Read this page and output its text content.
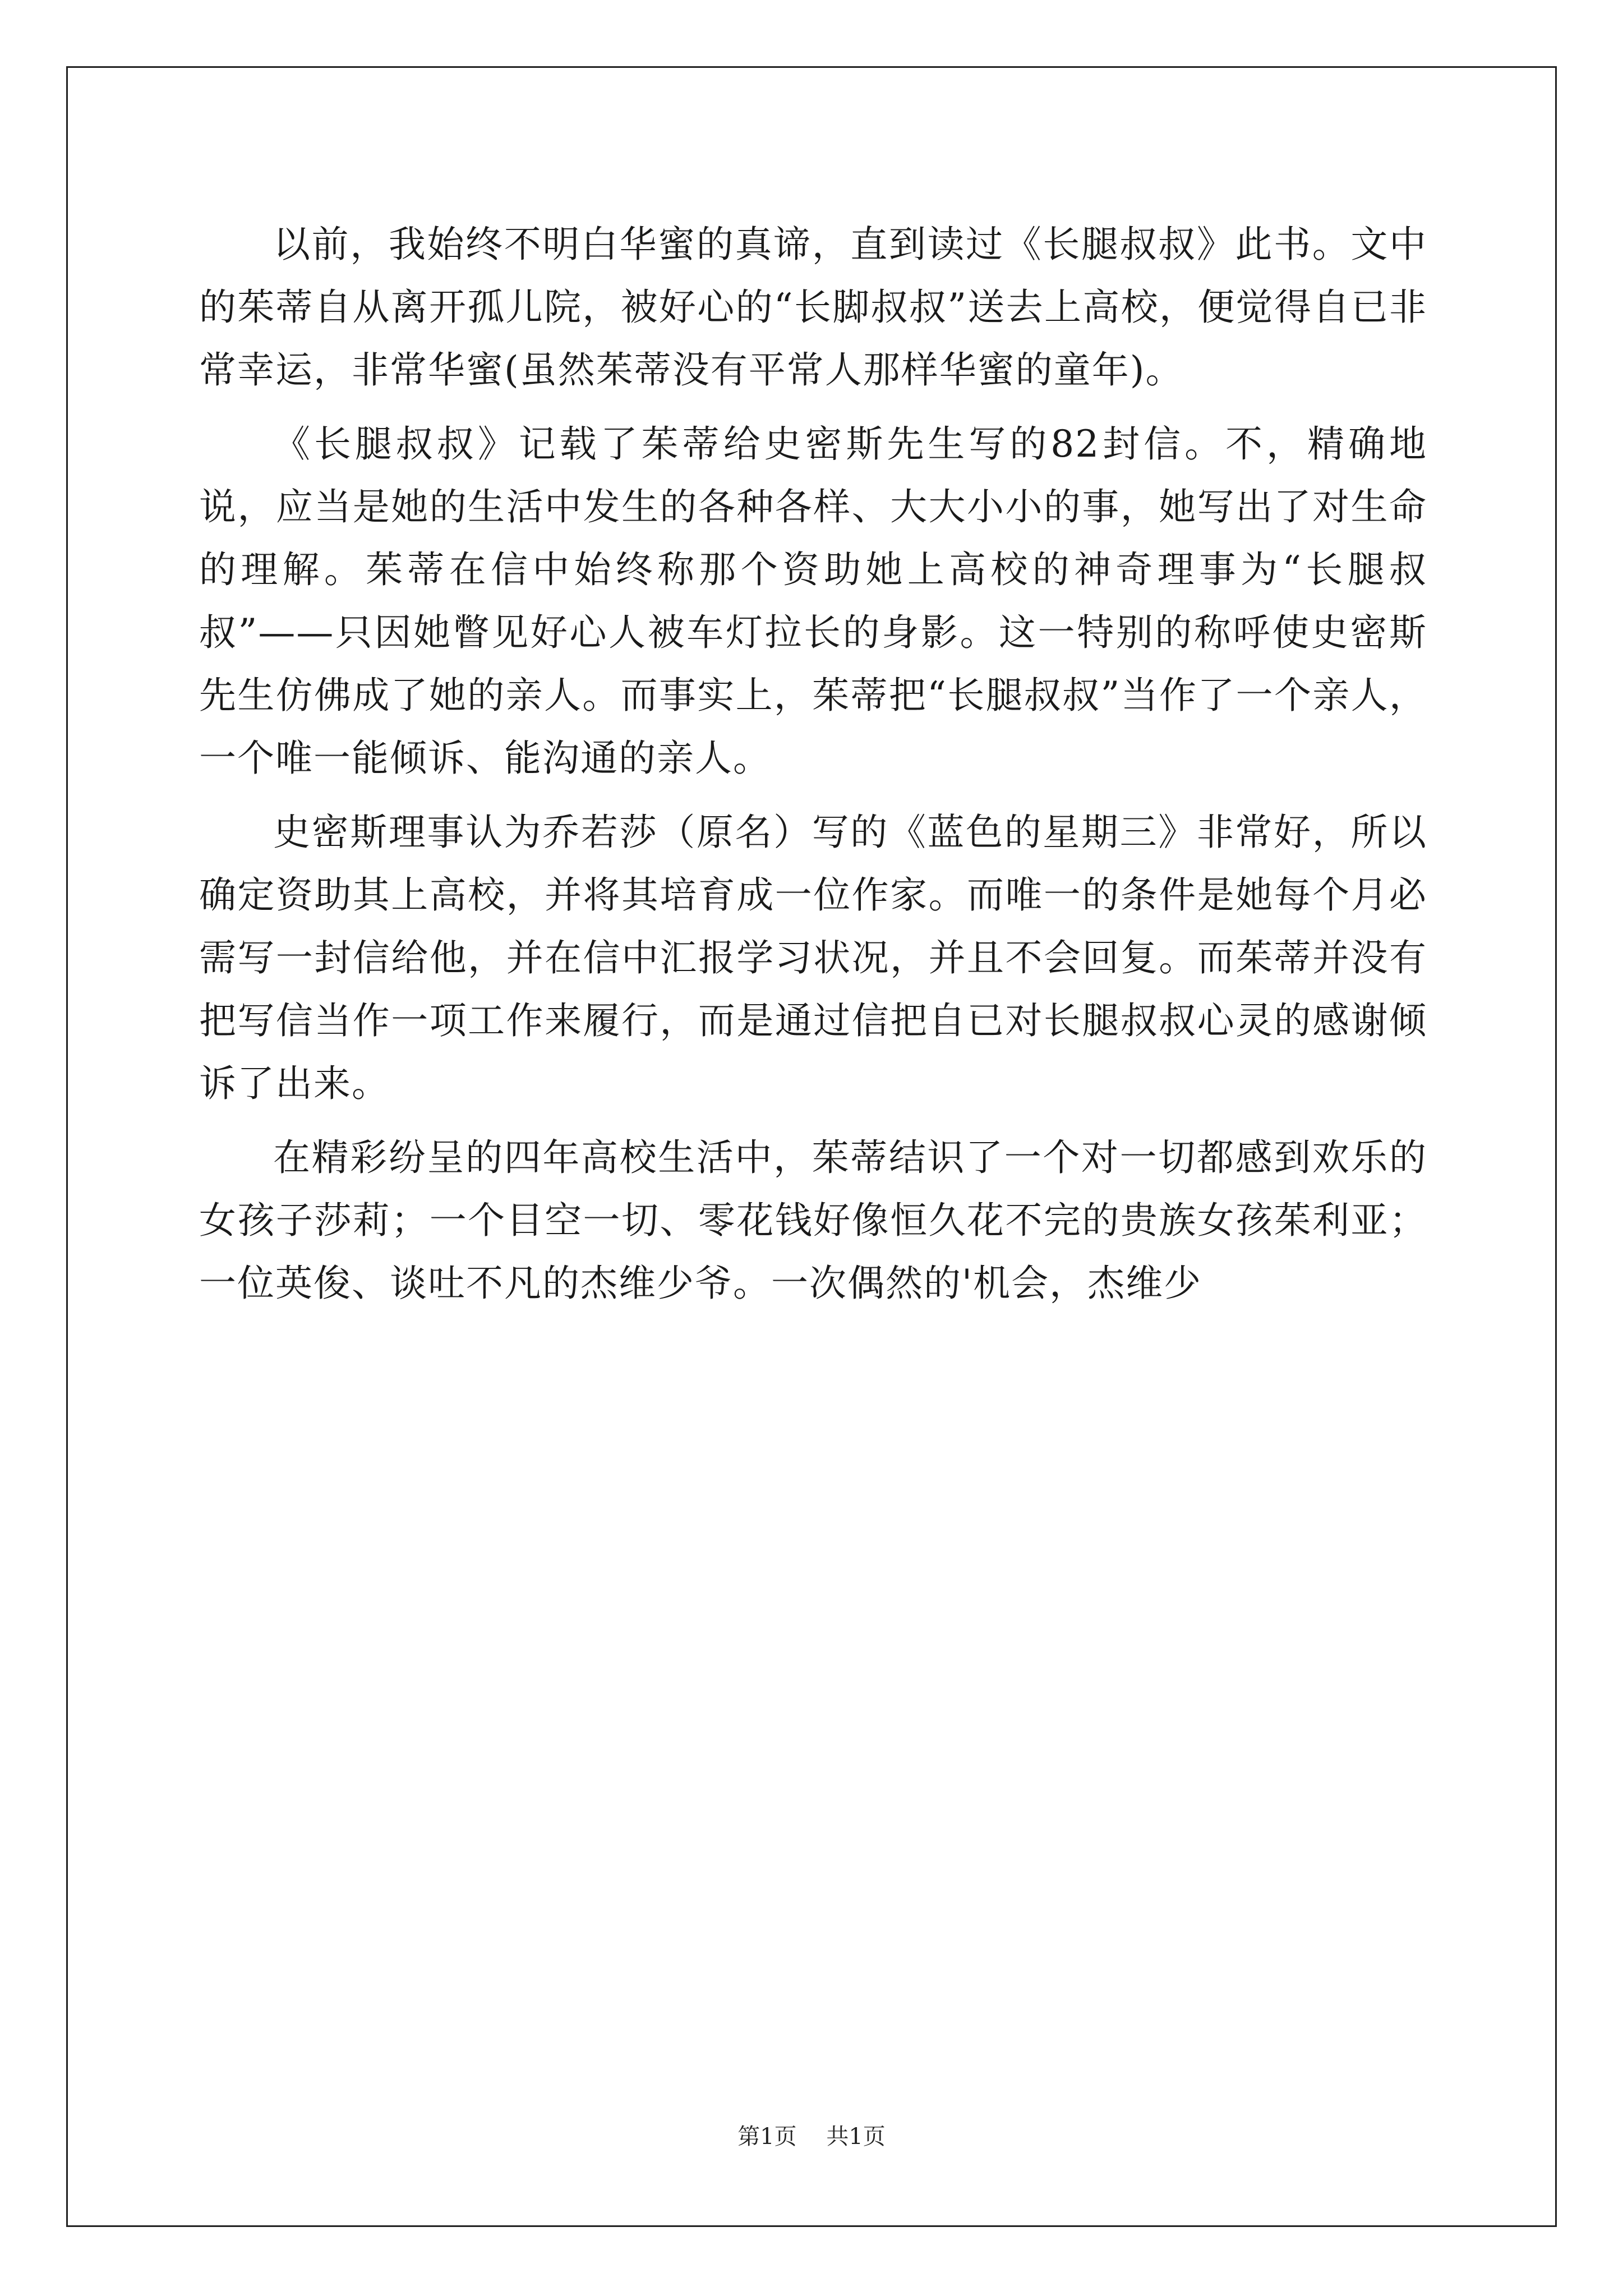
以前，我始终不明白华蜜的真谛，直到读过《长腿叔叔》此书。文中的茱蒂自从离开孤儿院，被好心的“长脚叔叔”送去上高校，便觉得自已非常幸运，非常华蜜(虽然茱蒂没有平常人那样华蜜的童年)。

《长腿叔叔》记载了茱蒂给史密斯先生写的82封信。不，精确地说，应当是她的生活中发生的各种各样、大大小小的事，她写出了对生命的理解。茱蒂在信中始终称那个资助她上高校的神奇理事为“长腿叔叔”——只因她瞥见好心人被车灯拉长的身影。这一特别的称呼使史密斯先生仿佛成了她的亲人。而事实上，茱蒂把“长腿叔叔”当作了一个亲人，一个唯一能倾诉、能沟通的亲人。

史密斯理事认为乔若莎（原名）写的《蓝色的星期三》非常好，所以确定资助其上高校，并将其培育成一位作家。而唯一的条件是她每个月必需写一封信给他，并在信中汇报学习状况，并且不会回复。而茱蒂并没有把写信当作一项工作来履行，而是通过信把自已对长腿叔叔心灵的感谢倾诉了出来。

在精彩纷呈的四年高校生活中，茱蒂结识了一个对一切都感到欢乐的女孩子莎莉；一个目空一切、零花钱好像恒久花不完的贵族女孩茱利亚；一位英俊、谈吐不凡的杰维少爷。一次偶然的'机会，杰维少

第1页 共1页
